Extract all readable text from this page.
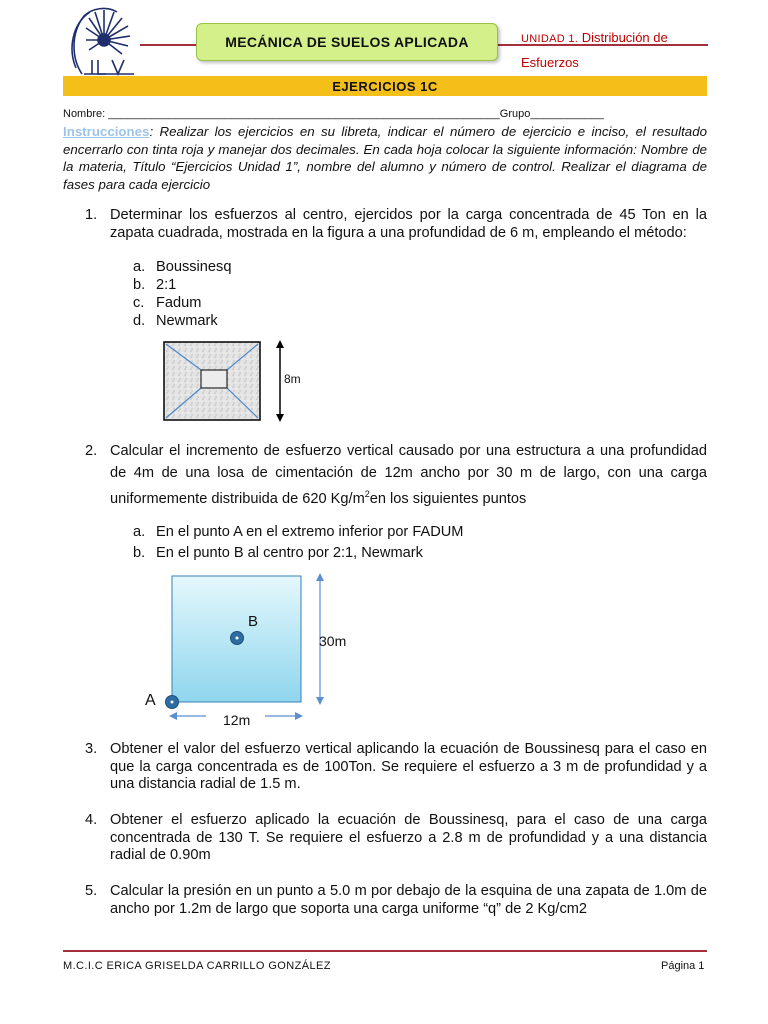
MECÁNICA DE SUELOS APLICADA	UNIDAD 1. Distribución de
Esfuerzos
EJERCICIOS 1C
Nombre: ________________________________________________________________Grupo____________
Instrucciones: Realizar los ejercicios en su libreta, indicar el número de ejercicio e inciso, el resultado encerrarlo con tinta roja y manejar dos decimales. En cada hoja colocar la siguiente información: Nombre de la materia, Título “Ejercicios Unidad 1”, nombre del alumno y número de control. Realizar el diagrama de fases para cada ejercicio
1. Determinar los esfuerzos al centro, ejercidos por la carga concentrada de 45 Ton en la zapata cuadrada, mostrada en la figura a una profundidad de 6 m, empleando el método:
a. Boussinesq
b. 2:1
c. Fadum
d. Newmark
8m
2. Calcular el incremento de esfuerzo vertical causado por una estructura a una profundidad de 4m de una losa de cimentación de 12m ancho por 30 m de largo, con una carga uniformemente distribuida de 620 $Kg/m^2en$ los siguientes puntos
a. En el punto A en el extremo inferior por FADUM
b. En el punto B al centro por 2:1, Newmark
B
A
30m
12m
3. Obtener el valor del esfuerzo vertical aplicando la ecuación de Boussinesq para el caso en que la carga concentrada es de 100Ton. Se requiere el esfuerzo a 3 m de profundidad y a una distancia radial de 1.5 m.
4. Obtener el esfuerzo aplicado la ecuación de Boussinesq, para el caso de una carga concentrada de 130 T. Se requiere el esfuerzo a 2.8 m de profundidad y a una distancia radial de 0.90m
5. Calcular la presión en un punto a 5.0 m por debajo de la esquina de una zapata de 1.0m de ancho por 1.2m de largo que soporta una carga uniforme “q” de 2 Kg/cm2
M.C.I.C ERICA GRISELDA CARRILLO GONZÁLEZ	Página 1
